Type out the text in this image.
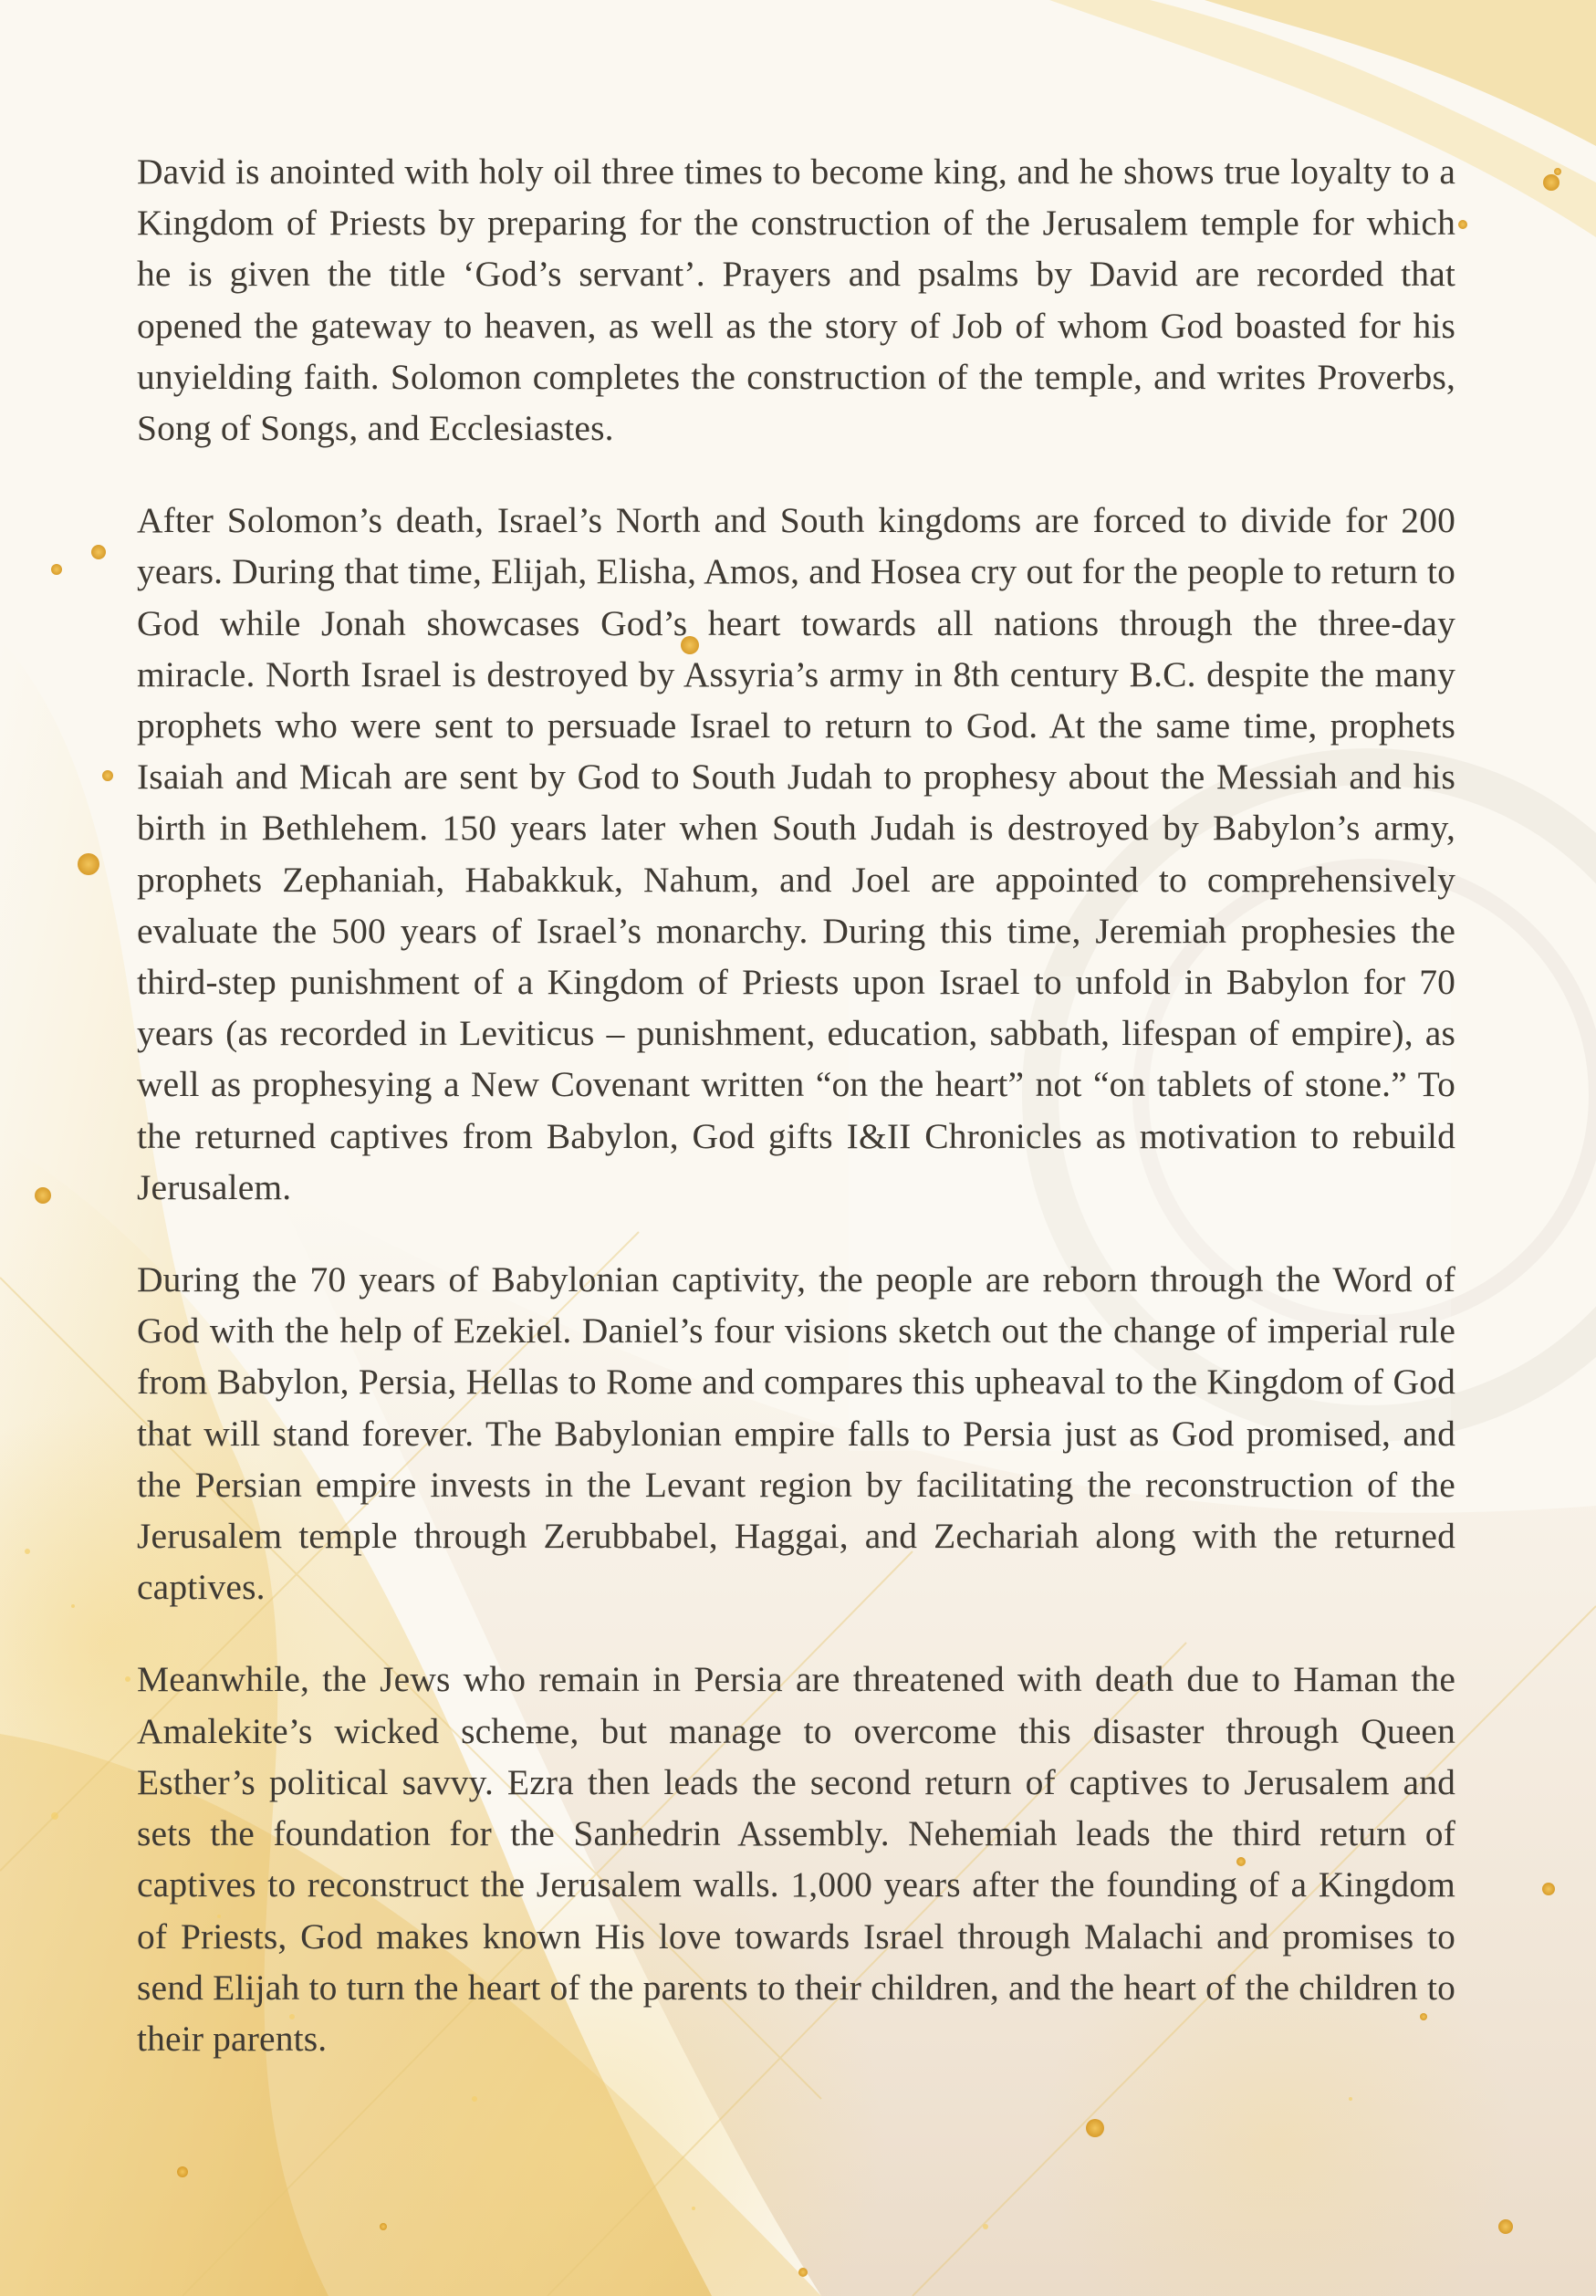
David is anointed with holy oil three times to become king, and he shows true loyalty to a Kingdom of Priests by preparing for the construction of the Jerusalem temple for which he is given the title ‘God’s servant’. Prayers and psalms by David are recorded that opened the gateway to heaven, as well as the story of Job of whom God boasted for his unyielding faith. Solomon completes the construction of the temple, and writes Proverbs, Song of Songs, and Ecclesiastes.

After Solomon’s death, Israel’s North and South kingdoms are forced to divide for 200 years. During that time, Elijah, Elisha, Amos, and Hosea cry out for the people to return to God while Jonah showcases God’s heart towards all nations through the three-day miracle. North Israel is destroyed by Assyria’s army in 8th century B.C. despite the many prophets who were sent to persuade Israel to return to God. At the same time, prophets Isaiah and Micah are sent by God to South Judah to prophesy about the Messiah and his birth in Bethlehem. 150 years later when South Judah is destroyed by Babylon’s army, prophets Zephaniah, Habakkuk, Nahum, and Joel are appointed to comprehensively evaluate the 500 years of Israel’s monarchy. During this time, Jeremiah prophesies the third-step punishment of a Kingdom of Priests upon Israel to unfold in Babylon for 70 years (as recorded in Leviticus – punishment, education, sabbath, lifespan of empire), as well as prophesying a New Covenant written “on the heart” not “on tablets of stone.” To the returned captives from Babylon, God gifts I&II Chronicles as motivation to rebuild Jerusalem.

During the 70 years of Babylonian captivity, the people are reborn through the Word of God with the help of Ezekiel. Daniel’s four visions sketch out the change of imperial rule from Babylon, Persia, Hellas to Rome and compares this upheaval to the Kingdom of God that will stand forever. The Babylonian empire falls to Persia just as God promised, and the Persian empire invests in the Levant region by facilitating the reconstruction of the Jerusalem temple through Zerubbabel, Haggai, and Zechariah along with the returned captives.

Meanwhile, the Jews who remain in Persia are threatened with death due to Haman the Amalekite’s wicked scheme, but manage to overcome this disaster through Queen Esther’s political savvy. Ezra then leads the second return of captives to Jerusalem and sets the foundation for the Sanhedrin Assembly. Nehemiah leads the third return of captives to reconstruct the Jerusalem walls. 1,000 years after the founding of a Kingdom of Priests, God makes known His love towards Israel through Malachi and promises to send Elijah to turn the heart of the parents to their children, and the heart of the children to their parents.
